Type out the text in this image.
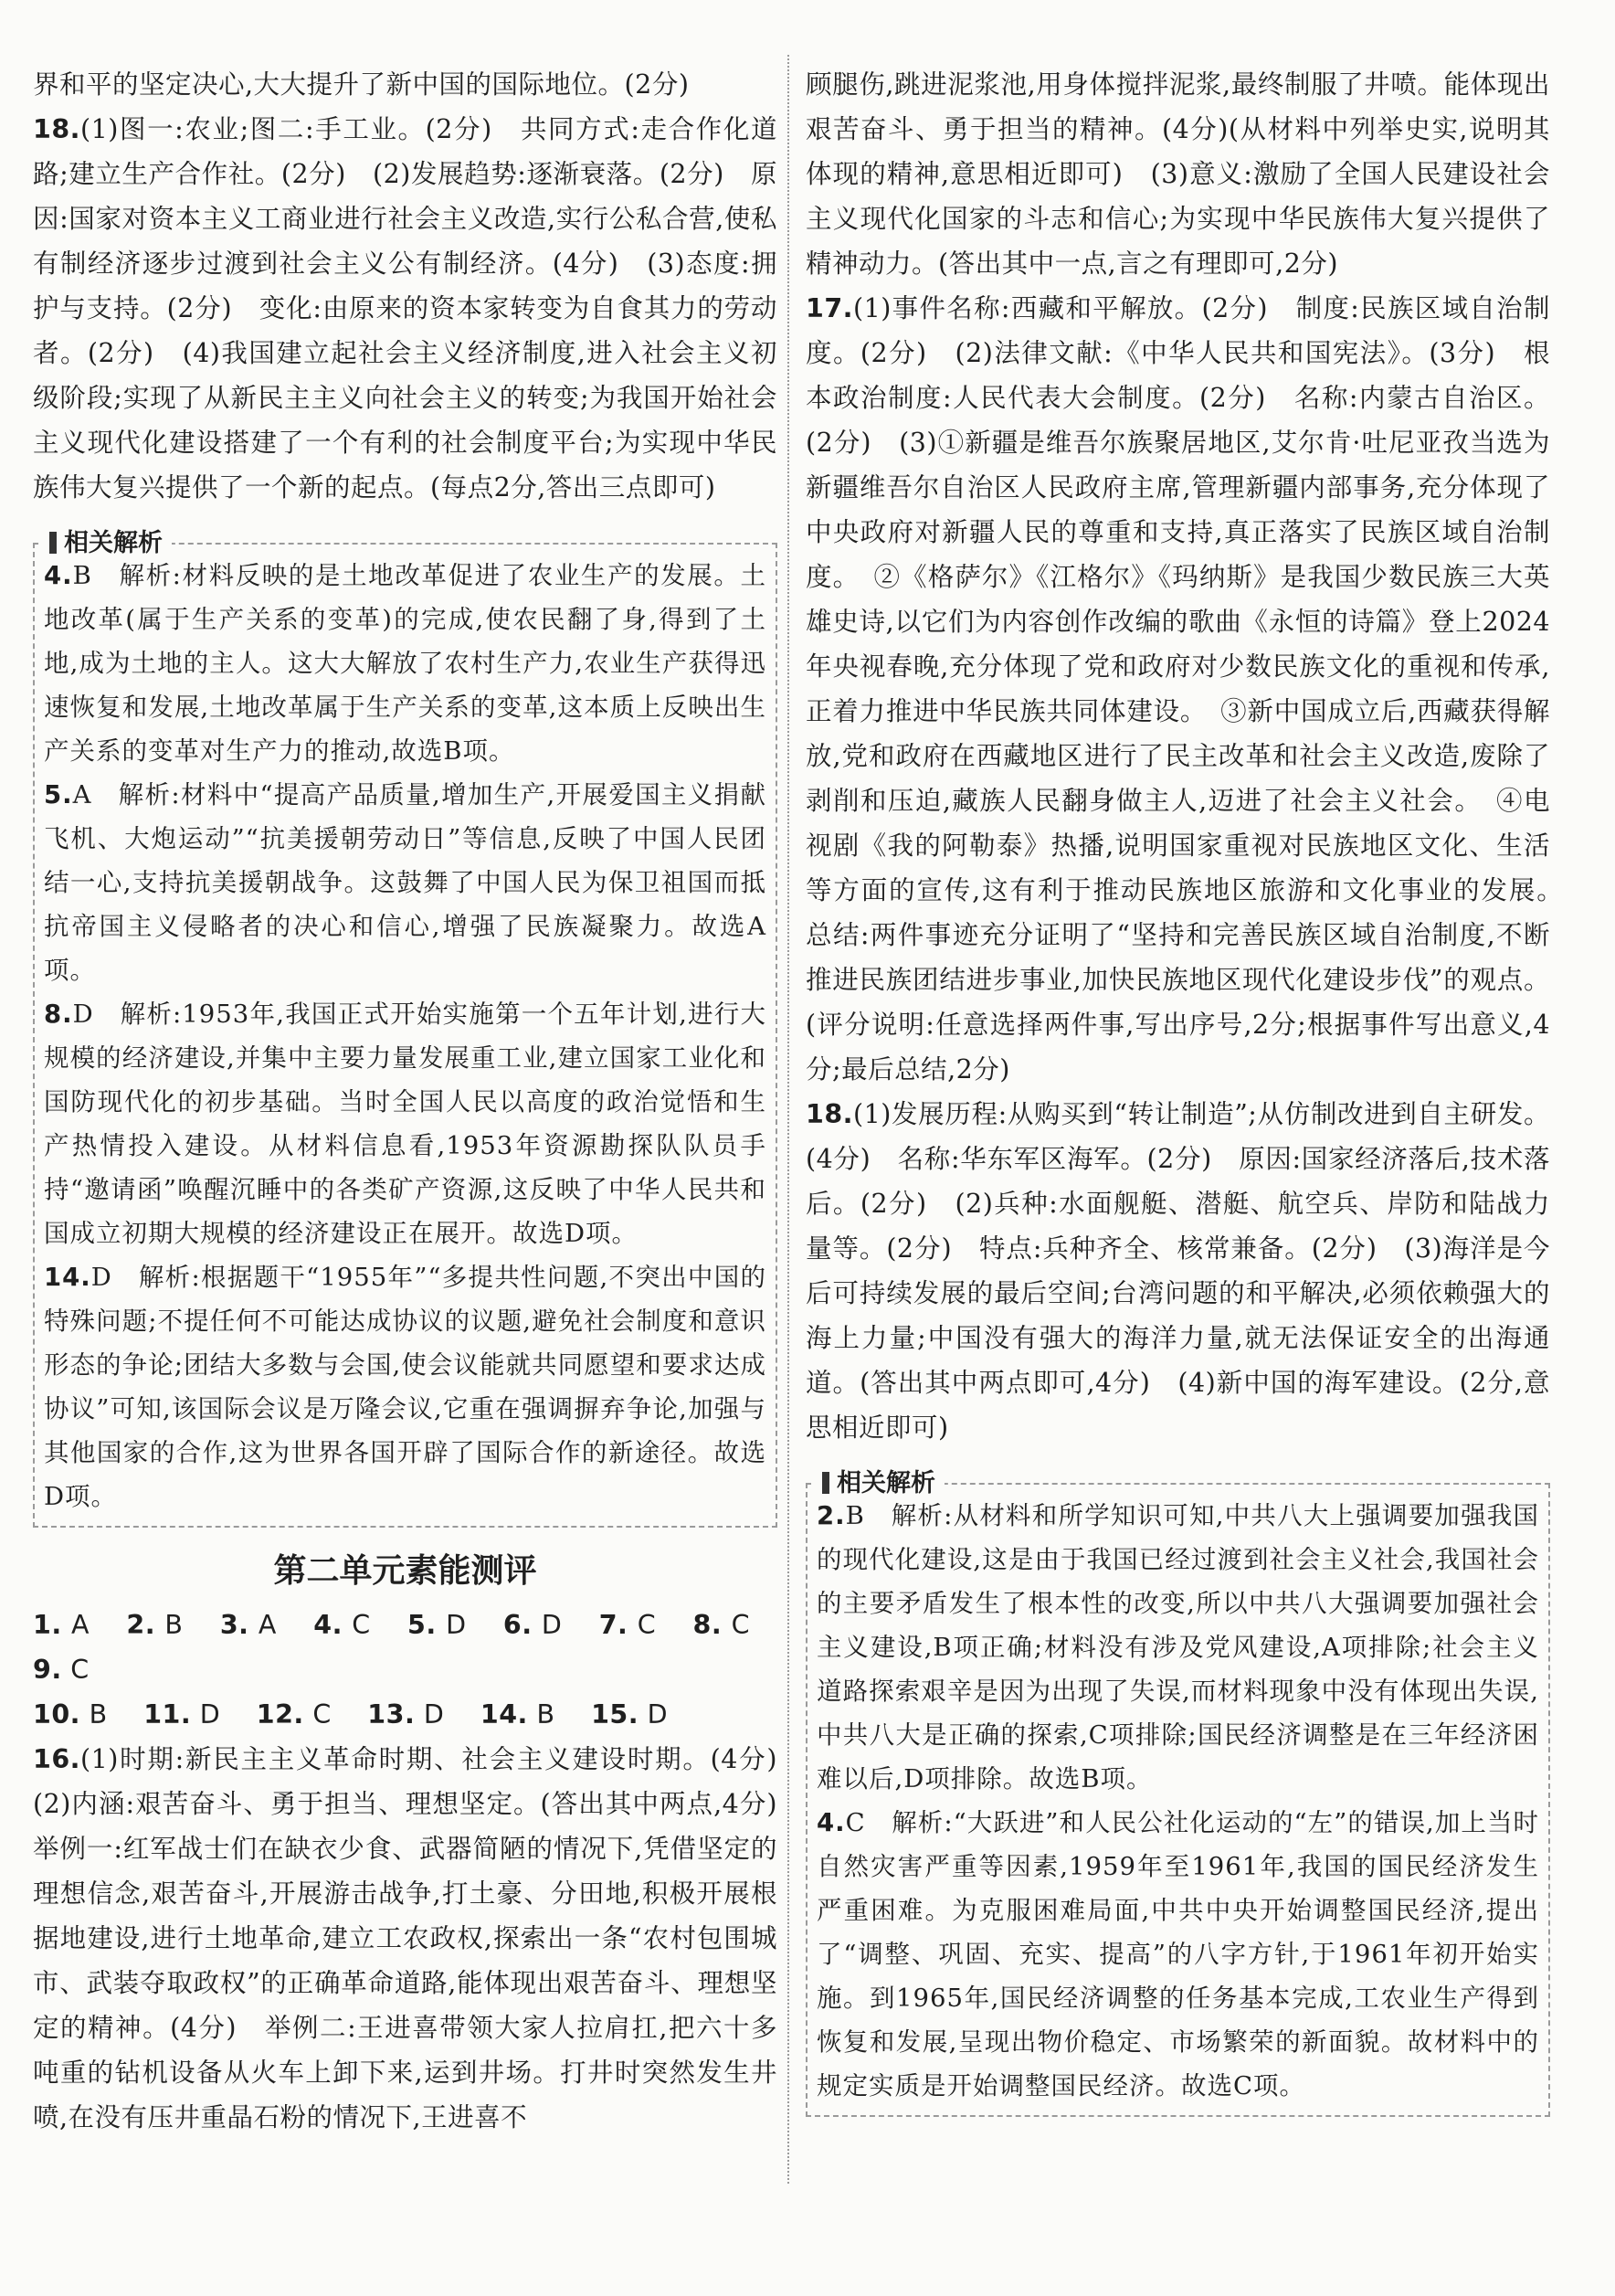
界和平的坚定决心,大大提升了新中国的国际地位。(2分)

18.(1)图一:农业;图二:手工业。(2分)　共同方式:走合作化道路;建立生产合作社。(2分)　(2)发展趋势:逐渐衰落。(2分)　原因:国家对资本主义工商业进行社会主义改造,实行公私合营,使私有制经济逐步过渡到社会主义公有制经济。(4分)　(3)态度:拥护与支持。(2分)　变化:由原来的资本家转变为自食其力的劳动者。(2分)　(4)我国建立起社会主义经济制度,进入社会主义初级阶段;实现了从新民主主义向社会主义的转变;为我国开始社会主义现代化建设搭建了一个有利的社会制度平台;为实现中华民族伟大复兴提供了一个新的起点。(每点2分,答出三点即可)

相关解析

4.B　解析:材料反映的是土地改革促进了农业生产的发展。土地改革(属于生产关系的变革)的完成,使农民翻了身,得到了土地,成为土地的主人。这大大解放了农村生产力,农业生产获得迅速恢复和发展,土地改革属于生产关系的变革,这本质上反映出生产关系的变革对生产力的推动,故选B项。

5.A　解析:材料中“提高产品质量,增加生产,开展爱国主义捐献飞机、大炮运动”“抗美援朝劳动日”等信息,反映了中国人民团结一心,支持抗美援朝战争。这鼓舞了中国人民为保卫祖国而抵抗帝国主义侵略者的决心和信心,增强了民族凝聚力。故选A项。

8.D　解析:1953年,我国正式开始实施第一个五年计划,进行大规模的经济建设,并集中主要力量发展重工业,建立国家工业化和国防现代化的初步基础。当时全国人民以高度的政治觉悟和生产热情投入建设。从材料信息看,1953年资源勘探队队员手持“邀请函”唤醒沉睡中的各类矿产资源,这反映了中华人民共和国成立初期大规模的经济建设正在展开。故选D项。

14.D　解析:根据题干“1955年”“多提共性问题,不突出中国的特殊问题;不提任何不可能达成协议的议题,避免社会制度和意识形态的争论;团结大多数与会国,使会议能就共同愿望和要求达成协议”可知,该国际会议是万隆会议,它重在强调摒弃争论,加强与其他国家的合作,这为世界各国开辟了国际合作的新途径。故选D项。

第二单元素能测评

1. A 2. B 3. A 4. C 5. D 6. D 7. C 8. C 9. C

10. B 11. D 12. C 13. D 14. B 15. D

16.(1)时期:新民主主义革命时期、社会主义建设时期。(4分)　(2)内涵:艰苦奋斗、勇于担当、理想坚定。(答出其中两点,4分)　举例一:红军战士们在缺衣少食、武器简陋的情况下,凭借坚定的理想信念,艰苦奋斗,开展游击战争,打土豪、分田地,积极开展根据地建设,进行土地革命,建立工农政权,探索出一条“农村包围城市、武装夺取政权”的正确革命道路,能体现出艰苦奋斗、理想坚定的精神。(4分)　举例二:王进喜带领大家人拉肩扛,把六十多吨重的钻机设备从火车上卸下来,运到井场。打井时突然发生井喷,在没有压井重晶石粉的情况下,王进喜不

顾腿伤,跳进泥浆池,用身体搅拌泥浆,最终制服了井喷。能体现出艰苦奋斗、勇于担当的精神。(4分)(从材料中列举史实,说明其体现的精神,意思相近即可)　(3)意义:激励了全国人民建设社会主义现代化国家的斗志和信心;为实现中华民族伟大复兴提供了精神动力。(答出其中一点,言之有理即可,2分)

17.(1)事件名称:西藏和平解放。(2分)　制度:民族区域自治制度。(2分)　(2)法律文献:《中华人民共和国宪法》。(3分)　根本政治制度:人民代表大会制度。(2分)　名称:内蒙古自治区。(2分)　(3)①新疆是维吾尔族聚居地区,艾尔肯·吐尼亚孜当选为新疆维吾尔自治区人民政府主席,管理新疆内部事务,充分体现了中央政府对新疆人民的尊重和支持,真正落实了民族区域自治制度。　②《格萨尔》《江格尔》《玛纳斯》是我国少数民族三大英雄史诗,以它们为内容创作改编的歌曲《永恒的诗篇》登上2024年央视春晚,充分体现了党和政府对少数民族文化的重视和传承,正着力推进中华民族共同体建设。　③新中国成立后,西藏获得解放,党和政府在西藏地区进行了民主改革和社会主义改造,废除了剥削和压迫,藏族人民翻身做主人,迈进了社会主义社会。　④电视剧《我的阿勒泰》热播,说明国家重视对民族地区文化、生活等方面的宣传,这有利于推动民族地区旅游和文化事业的发展。　总结:两件事迹充分证明了“坚持和完善民族区域自治制度,不断推进民族团结进步事业,加快民族地区现代化建设步伐”的观点。(评分说明:任意选择两件事,写出序号,2分;根据事件写出意义,4分;最后总结,2分)

18.(1)发展历程:从购买到“转让制造”;从仿制改进到自主研发。(4分)　名称:华东军区海军。(2分)　原因:国家经济落后,技术落后。(2分)　(2)兵种:水面舰艇、潜艇、航空兵、岸防和陆战力量等。(2分)　特点:兵种齐全、核常兼备。(2分)　(3)海洋是今后可持续发展的最后空间;台湾问题的和平解决,必须依赖强大的海上力量;中国没有强大的海洋力量,就无法保证安全的出海通道。(答出其中两点即可,4分)　(4)新中国的海军建设。(2分,意思相近即可)

相关解析

2.B　解析:从材料和所学知识可知,中共八大上强调要加强我国的现代化建设,这是由于我国已经过渡到社会主义社会,我国社会的主要矛盾发生了根本性的改变,所以中共八大强调要加强社会主义建设,B项正确;材料没有涉及党风建设,A项排除;社会主义道路探索艰辛是因为出现了失误,而材料现象中没有体现出失误,中共八大是正确的探索,C项排除;国民经济调整是在三年经济困难以后,D项排除。故选B项。

4.C　解析:“大跃进”和人民公社化运动的“左”的错误,加上当时自然灾害严重等因素,1959年至1961年,我国的国民经济发生严重困难。为克服困难局面,中共中央开始调整国民经济,提出了“调整、巩固、充实、提高”的八字方针,于1961年初开始实施。到1965年,国民经济调整的任务基本完成,工农业生产得到恢复和发展,呈现出物价稳定、市场繁荣的新面貌。故材料中的规定实质是开始调整国民经济。故选C项。
